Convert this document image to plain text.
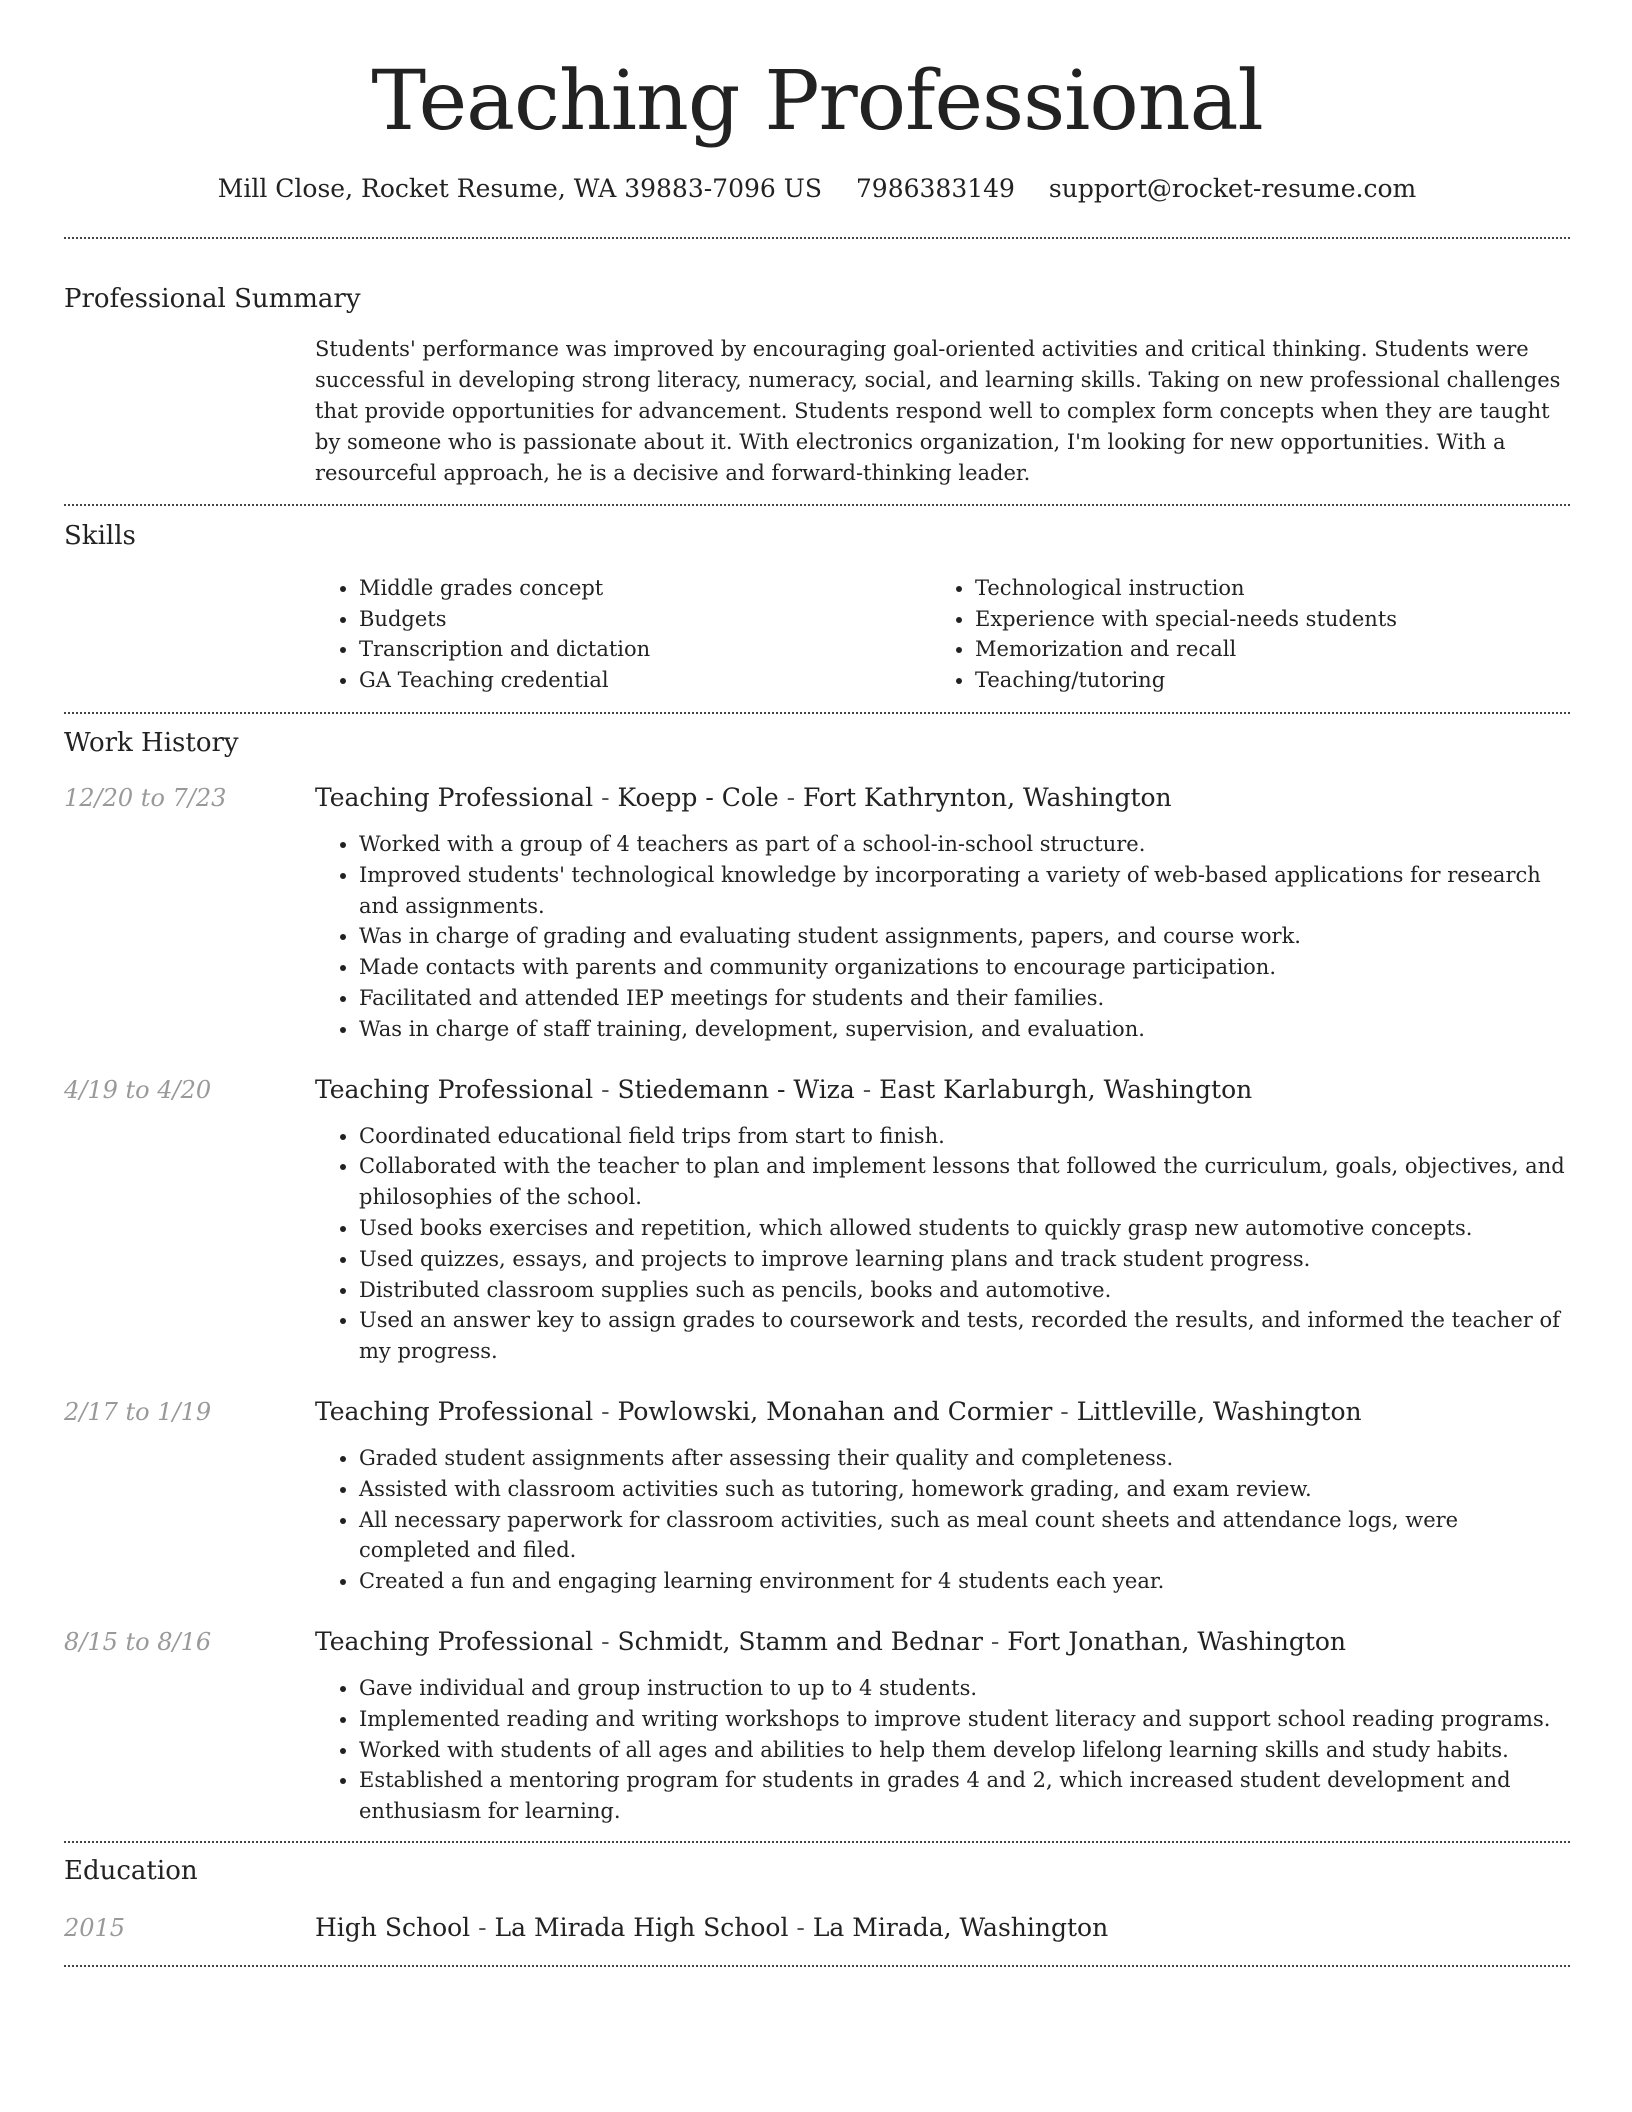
Teaching Professional
Mill Close, Rocket Resume, WA 39883-7096 US 7986383149 support@rocket-resume.com
Professional Summary

Students' performance was improved by encouraging goal-oriented activities and critical thinking. Students were successful in developing strong literacy, numeracy, social, and learning skills. Taking on new professional challenges that provide opportunities for advancement. Students respond well to complex form concepts when they are taught by someone who is passionate about it. With electronics organization, I'm looking for new opportunities. With a resourceful approach, he is a decisive and forward-thinking leader.

Skills
• Middle grades concept
• Budgets
• Transcription and dictation
• GA Teaching credential
• Technological instruction
• Experience with special-needs students
• Memorization and recall
• Teaching/tutoring
Work History
12/20 to 7/23	Teaching Professional - Koepp - Cole - Fort Kathrynton, Washington

• Worked with a group of 4 teachers as part of a school-in-school structure.
• Improved students' technological knowledge by incorporating a variety of web-based applications for research and assignments.
• Was in charge of grading and evaluating student assignments, papers, and course work.
• Made contacts with parents and community organizations to encourage participation.
• Facilitated and attended IEP meetings for students and their families.
• Was in charge of staff training, development, supervision, and evaluation.
4/19 to 4/20	Teaching Professional - Stiedemann - Wiza - East Karlaburgh, Washington

• Coordinated educational field trips from start to finish.
• Collaborated with the teacher to plan and implement lessons that followed the curriculum, goals, objectives, and philosophies of the school.
• Used books exercises and repetition, which allowed students to quickly grasp new automotive concepts.
• Used quizzes, essays, and projects to improve learning plans and track student progress.
• Distributed classroom supplies such as pencils, books and automotive.
• Used an answer key to assign grades to coursework and tests, recorded the results, and informed the teacher of my progress.
2/17 to 1/19	Teaching Professional - Powlowski, Monahan and Cormier - Littleville, Washington

• Graded student assignments after assessing their quality and completeness.
• Assisted with classroom activities such as tutoring, homework grading, and exam review.
• All necessary paperwork for classroom activities, such as meal count sheets and attendance logs, were completed and filed.
• Created a fun and engaging learning environment for 4 students each year.
8/15 to 8/16	Teaching Professional - Schmidt, Stamm and Bednar - Fort Jonathan, Washington

• Gave individual and group instruction to up to 4 students.
• Implemented reading and writing workshops to improve student literacy and support school reading programs.
• Worked with students of all ages and abilities to help them develop lifelong learning skills and study habits.
• Established a mentoring program for students in grades 4 and 2, which increased student development and enthusiasm for learning.
Education
2015	High School - La Mirada High School - La Mirada, Washington
